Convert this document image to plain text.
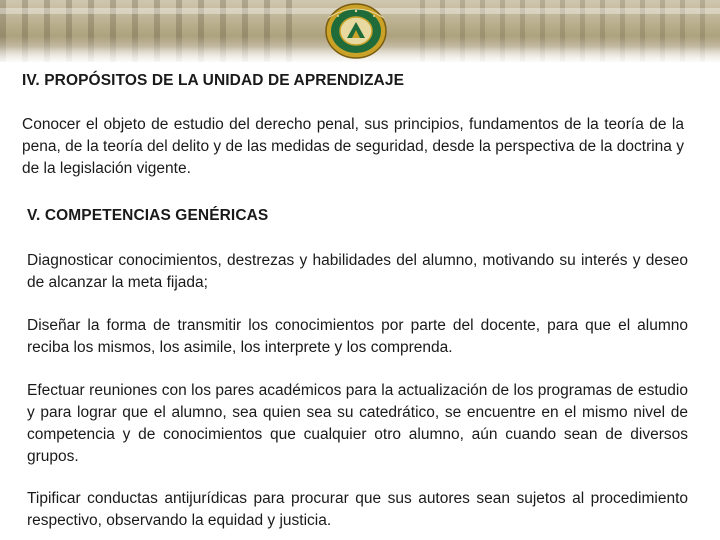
IV. PROPÓSITOS DE LA UNIDAD DE APRENDIZAJE

Conocer el objeto de estudio del derecho penal, sus principios, fundamentos de la teoría de la pena, de la teoría del delito y de las medidas de seguridad, desde la perspectiva de la doctrina y de la legislación vigente.

V. COMPETENCIAS GENÉRICAS

Diagnosticar conocimientos, destrezas y habilidades del alumno, motivando su interés y deseo de alcanzar la meta fijada;

Diseñar la forma de transmitir los conocimientos por parte del docente, para que el alumno reciba los mismos, los asimile, los interprete y los comprenda.

Efectuar reuniones con los pares académicos para la actualización de los programas de estudio y para lograr que el alumno, sea quien sea su catedrático, se encuentre en el mismo nivel de competencia y de conocimientos que cualquier otro alumno, aún cuando sean de diversos grupos.

Tipificar conductas antijurídicas para procurar que sus autores sean sujetos al procedimiento respectivo, observando la equidad y justicia.
